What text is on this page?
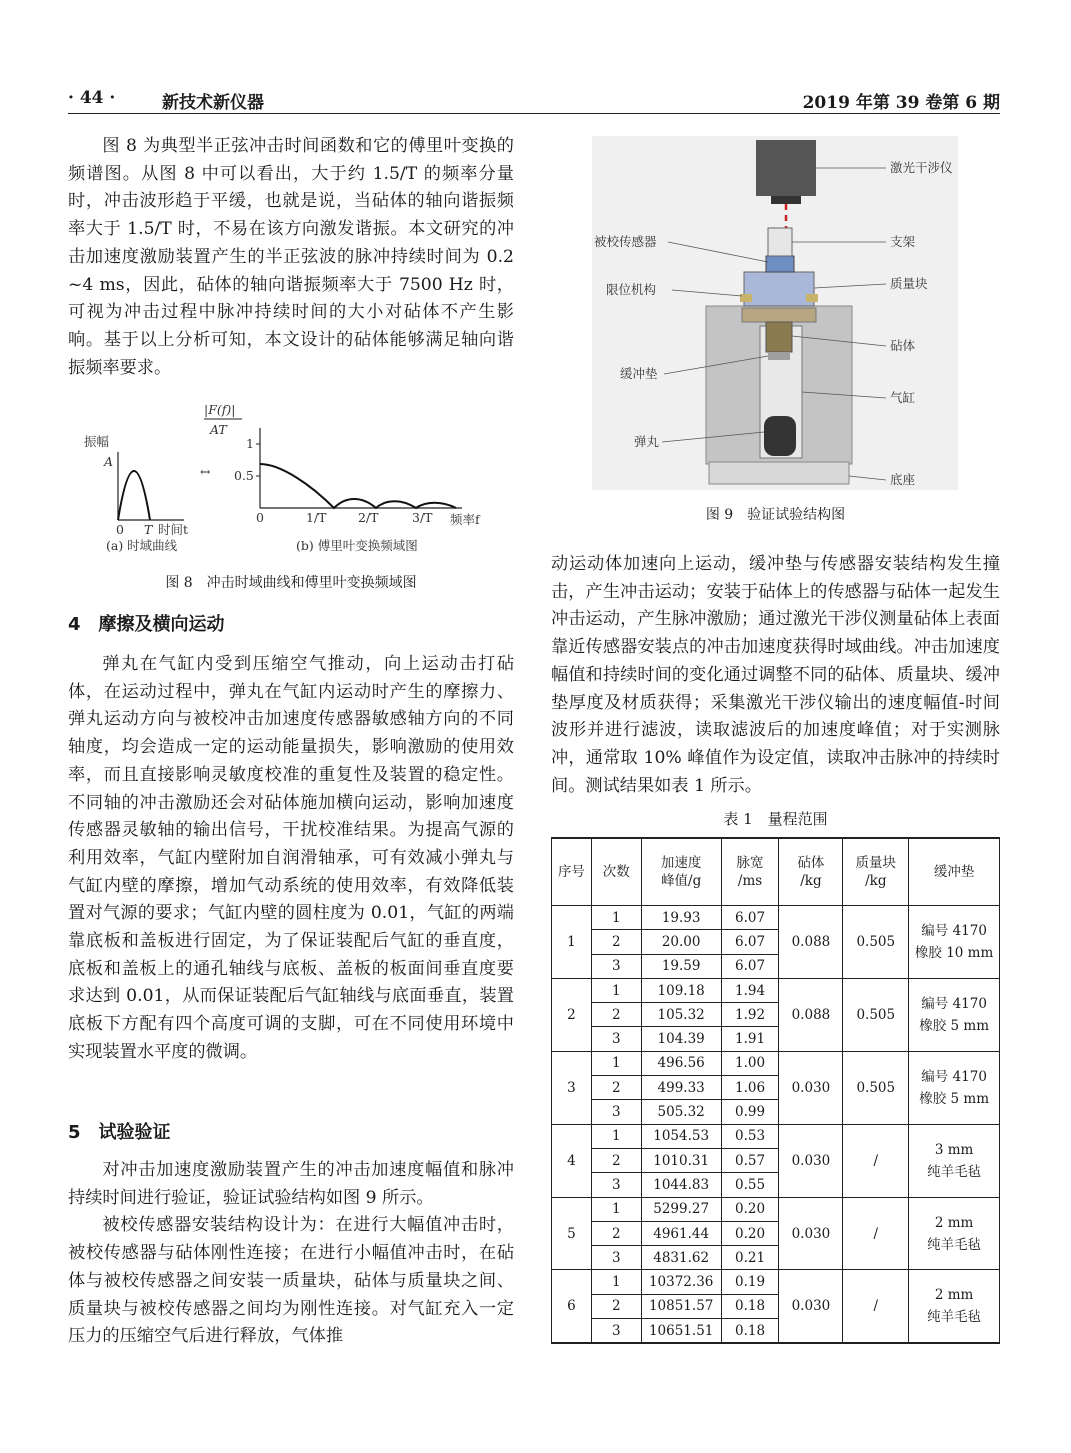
· 44 ·	新技术新仪器	2019 年第 39 卷第 6 期

图 8 为典型半正弦冲击时间函数和它的傅里叶变换的频谱图。从图 8 中可以看出，大于约 1.5/T 的频率分量时，冲击波形趋于平缓，也就是说，当砧体的轴向谐振频率大于 1.5/T 时，不易在该方向激发谐振。本文研究的冲击加速度激励装置产生的半正弦波的脉冲持续时间为 0.2 ~4 ms，因此，砧体的轴向谐振频率大于 7500 Hz 时，可视为冲击过程中脉冲持续时间的大小对砧体不产生影响。基于以上分析可知，本文设计的砧体能够满足轴向谐振频率要求。

振幅
A
0 T 时间t
(a) 时域曲线
↔
|F(f)|
AT
1
0.5
0	1/T	2/T	3/T 频率f
(b) 傅里叶变换频域图
图 8　冲击时域曲线和傅里叶变换频域图
4　摩擦及横向运动

弹丸在气缸内受到压缩空气推动，向上运动击打砧体，在运动过程中，弹丸在气缸内运动时产生的摩擦力、弹丸运动方向与被校冲击加速度传感器敏感轴方向的不同轴度，均会造成一定的运动能量损失，影响激励的使用效率，而且直接影响灵敏度校准的重复性及装置的稳定性。不同轴的冲击激励还会对砧体施加横向运动，影响加速度传感器灵敏轴的输出信号，干扰校准结果。为提高气源的利用效率，气缸内壁附加自润滑轴承，可有效减小弹丸与气缸内壁的摩擦，增加气动系统的使用效率，有效降低装置对气源的要求；气缸内壁的圆柱度为 0.01，气缸的两端靠底板和盖板进行固定，为了保证装配后气缸的垂直度，底板和盖板上的通孔轴线与底板、盖板的板面间垂直度要求达到 0.01，从而保证装配后气缸轴线与底面垂直，装置底板下方配有四个高度可调的支脚，可在不同使用环境中实现装置水平度的微调。

5　试验验证

对冲击加速度激励装置产生的冲击加速度幅值和脉冲持续时间进行验证，验证试验结构如图 9 所示。

被校传感器安装结构设计为：在进行大幅值冲击时，被校传感器与砧体刚性连接；在进行小幅值冲击时，在砧体与被校传感器之间安装一质量块，砧体与质量块之间、质量块与被校传感器之间均为刚性连接。对气缸充入一定压力的压缩空气后进行释放，气体推

激光干涉仪
被校传感器	支架
限位机构	质量块
砧体
缓冲垫
气缸
弹丸
底座
图 9　验证试验结构图

动运动体加速向上运动，缓冲垫与传感器安装结构发生撞击，产生冲击运动；安装于砧体上的传感器与砧体一起发生冲击运动，产生脉冲激励；通过激光干涉仪测量砧体上表面靠近传感器安装点的冲击加速度获得时域曲线。冲击加速度幅值和持续时间的变化通过调整不同的砧体、质量块、缓冲垫厚度及材质获得；采集激光干涉仪输出的速度幅值-时间波形并进行滤波，读取滤波后的加速度峰值；对于实测脉冲，通常取 10% 峰值作为设定值，读取冲击脉冲的持续时间。测试结果如表 1 所示。

表 1　量程范围
序号	次数	加速度
峰值/g	脉宽
/ms	砧体
/kg	质量块
/kg	缓冲垫
1	1	19.93	6.07	0.088	0.505	编号 4170
橡胶 10 mm
	2	20.00	6.07			
	3	19.59	6.07			
2	1	109.18	1.94	0.088	0.505	编号 4170
橡胶 5 mm
	2	105.32	1.92			
	3	104.39	1.91			
3	1	496.56	1.00	0.030	0.505	编号 4170
橡胶 5 mm
	2	499.33	1.06			
	3	505.32	0.99			
4	1	1054.53	0.53	0.030	/	3 mm
纯羊毛毡
	2	1010.31	0.57			
	3	1044.83	0.55			
5	1	5299.27	0.20	0.030	/	2 mm
纯羊毛毡
	2	4961.44	0.20			
	3	4831.62	0.21			
6	1	10372.36	0.19	0.030	/	2 mm
纯羊毛毡
	2	10851.57	0.18			
	3	10651.51	0.18			
